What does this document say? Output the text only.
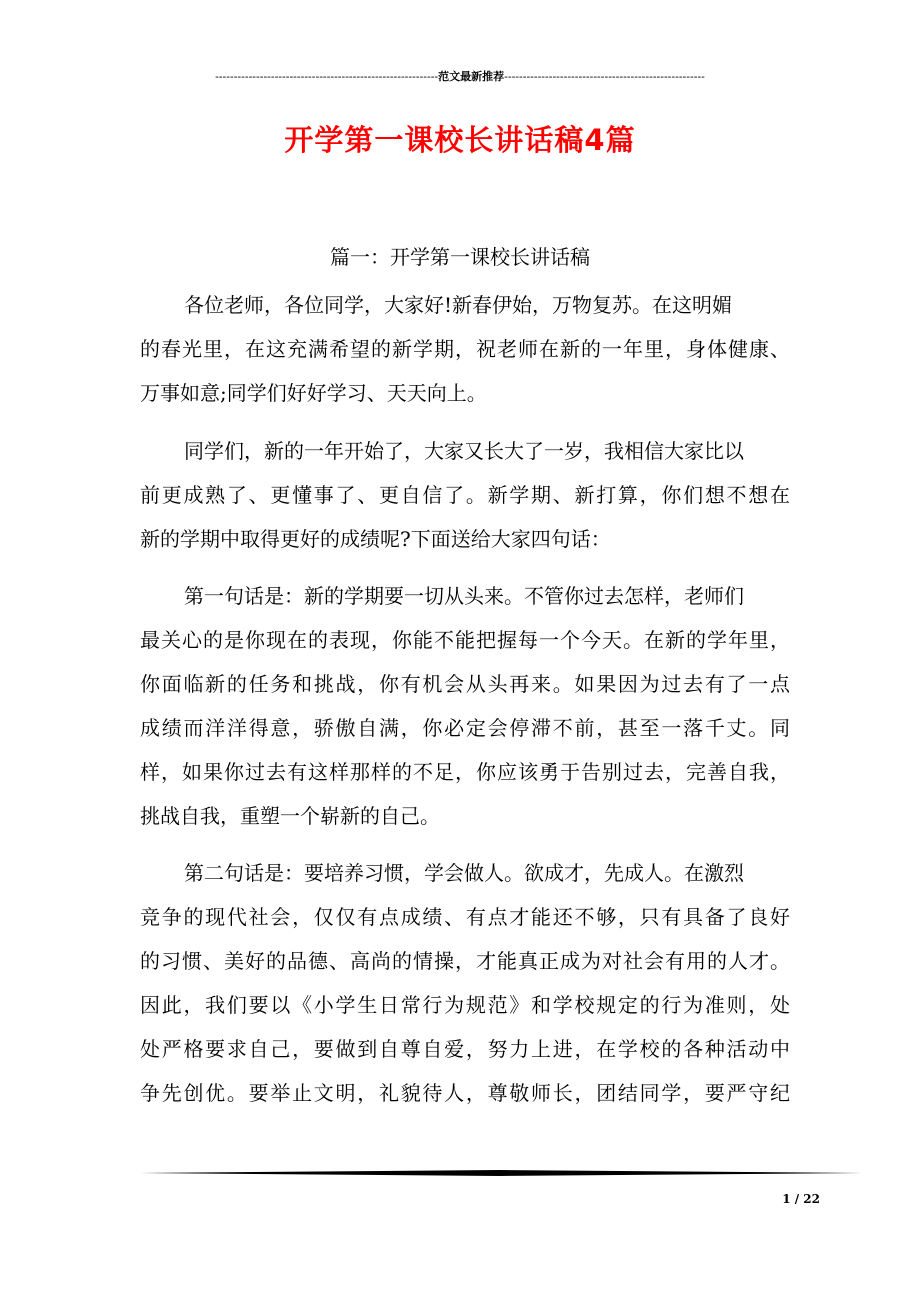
------------------------------------------------------------范文最新推荐------------------------------------------------------
开学第一课校长讲话稿4篇
篇一：开学第一课校长讲话稿
各位老师，各位同学，大家好!新春伊始，万物复苏。在这明媚
的春光里，在这充满希望的新学期，祝老师在新的一年里，身体健康、
万事如意;同学们好好学习、天天向上。
同学们，新的一年开始了，大家又长大了一岁，我相信大家比以
前更成熟了、更懂事了、更自信了。新学期、新打算，你们想不想在
新的学期中取得更好的成绩呢?下面送给大家四句话：
第一句话是：新的学期要一切从头来。不管你过去怎样，老师们
最关心的是你现在的表现，你能不能把握每一个今天。在新的学年里，
你面临新的任务和挑战，你有机会从头再来。如果因为过去有了一点
成绩而洋洋得意，骄傲自满，你必定会停滞不前，甚至一落千丈。同
样，如果你过去有这样那样的不足，你应该勇于告别过去，完善自我，
挑战自我，重塑一个崭新的自己。
第二句话是：要培养习惯，学会做人。欲成才，先成人。在激烈
竞争的现代社会，仅仅有点成绩、有点才能还不够，只有具备了良好
的习惯、美好的品德、高尚的情操，才能真正成为对社会有用的人才。
因此，我们要以《小学生日常行为规范》和学校规定的行为准则，处
处严格要求自己，要做到自尊自爱，努力上进，在学校的各种活动中
争先创优。要举止文明，礼貌待人，尊敬师长，团结同学，要严守纪
1 / 22
